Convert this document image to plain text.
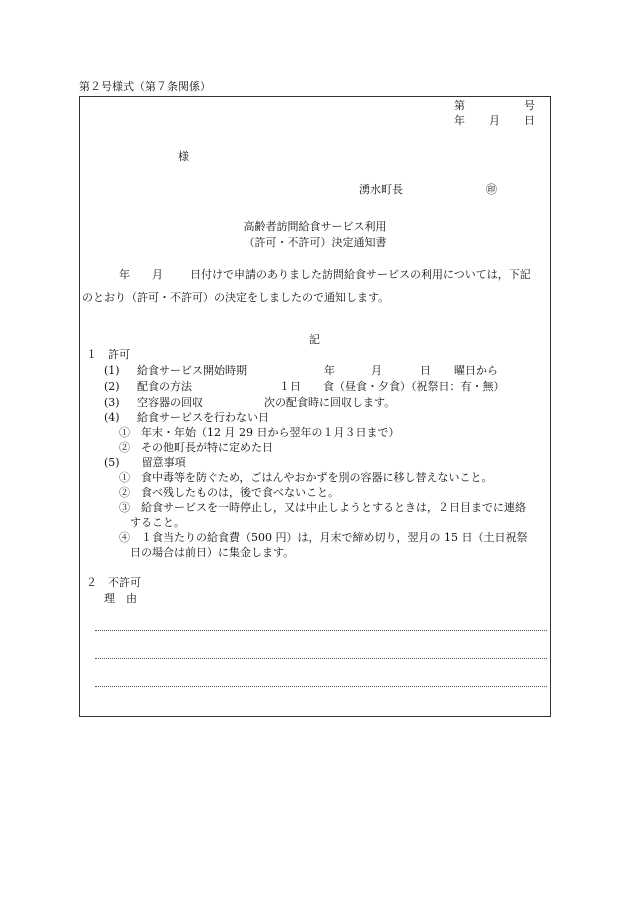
第２号様式（第７条関係）
第	号
年 月 日
様
湧水町長	㊞
高齢者訪問給食サービス利用
（許可・不許可）決定通知書
年 月 日付けで申請のありました訪問給食サービスの利用については，下記
のとおり（許可・不許可）の決定をしましたので通知します。
記
１　許可
(1) 給食サービス開始時期	年	月	日 曜日から
(2) 配食の方法	１日　　食（昼食・夕食）（祝祭日：有・無）
(3) 空容器の回収	次の配食時に回収します。
(4) 給食サービスを行わない日
①　年末・年始（12 月 29 日から翌年の１月３日まで）
②　その他町長が特に定めた日
(5)　　留意事項
①　食中毒等を防ぐため，ごはんやおかずを別の容器に移し替えないこと。
②　食べ残したものは，後で食べないこと。
③　給食サービスを一時停止し，又は中止しようとするときは，２日目までに連絡
すること。
④　１食当たりの給食費（500 円）は，月末で締め切り，翌月の 15 日（土日祝祭
日の場合は前日）に集金します。
２　不許可
理　由
